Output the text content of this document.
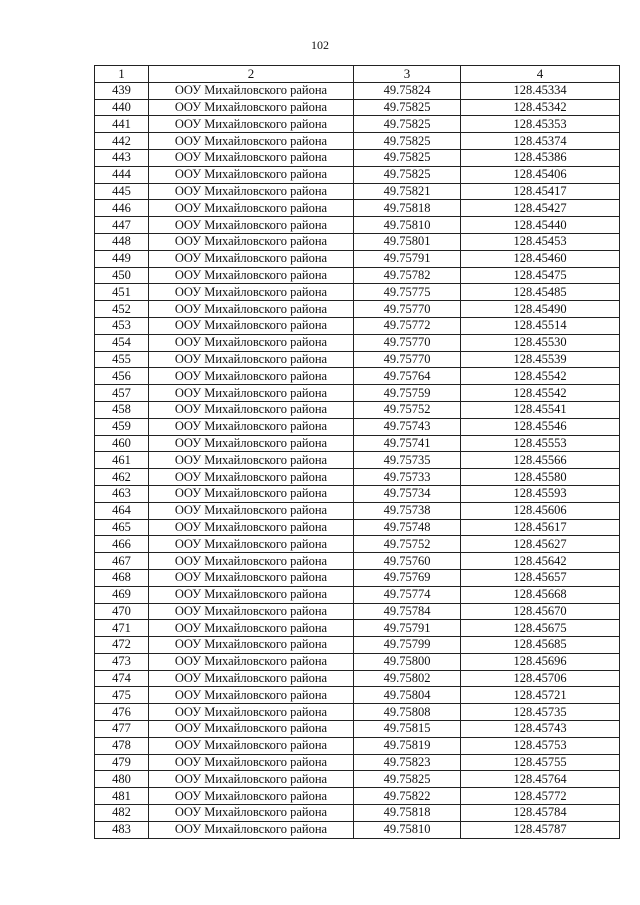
102
1	2	3	4
439	ООУ Михайловского района	49.75824	128.45334
440	ООУ Михайловского района	49.75825	128.45342
441	ООУ Михайловского района	49.75825	128.45353
442	ООУ Михайловского района	49.75825	128.45374
443	ООУ Михайловского района	49.75825	128.45386
444	ООУ Михайловского района	49.75825	128.45406
445	ООУ Михайловского района	49.75821	128.45417
446	ООУ Михайловского района	49.75818	128.45427
447	ООУ Михайловского района	49.75810	128.45440
448	ООУ Михайловского района	49.75801	128.45453
449	ООУ Михайловского района	49.75791	128.45460
450	ООУ Михайловского района	49.75782	128.45475
451	ООУ Михайловского района	49.75775	128.45485
452	ООУ Михайловского района	49.75770	128.45490
453	ООУ Михайловского района	49.75772	128.45514
454	ООУ Михайловского района	49.75770	128.45530
455	ООУ Михайловского района	49.75770	128.45539
456	ООУ Михайловского района	49.75764	128.45542
457	ООУ Михайловского района	49.75759	128.45542
458	ООУ Михайловского района	49.75752	128.45541
459	ООУ Михайловского района	49.75743	128.45546
460	ООУ Михайловского района	49.75741	128.45553
461	ООУ Михайловского района	49.75735	128.45566
462	ООУ Михайловского района	49.75733	128.45580
463	ООУ Михайловского района	49.75734	128.45593
464	ООУ Михайловского района	49.75738	128.45606
465	ООУ Михайловского района	49.75748	128.45617
466	ООУ Михайловского района	49.75752	128.45627
467	ООУ Михайловского района	49.75760	128.45642
468	ООУ Михайловского района	49.75769	128.45657
469	ООУ Михайловского района	49.75774	128.45668
470	ООУ Михайловского района	49.75784	128.45670
471	ООУ Михайловского района	49.75791	128.45675
472	ООУ Михайловского района	49.75799	128.45685
473	ООУ Михайловского района	49.75800	128.45696
474	ООУ Михайловского района	49.75802	128.45706
475	ООУ Михайловского района	49.75804	128.45721
476	ООУ Михайловского района	49.75808	128.45735
477	ООУ Михайловского района	49.75815	128.45743
478	ООУ Михайловского района	49.75819	128.45753
479	ООУ Михайловского района	49.75823	128.45755
480	ООУ Михайловского района	49.75825	128.45764
481	ООУ Михайловского района	49.75822	128.45772
482	ООУ Михайловского района	49.75818	128.45784
483	ООУ Михайловского района	49.75810	128.45787
